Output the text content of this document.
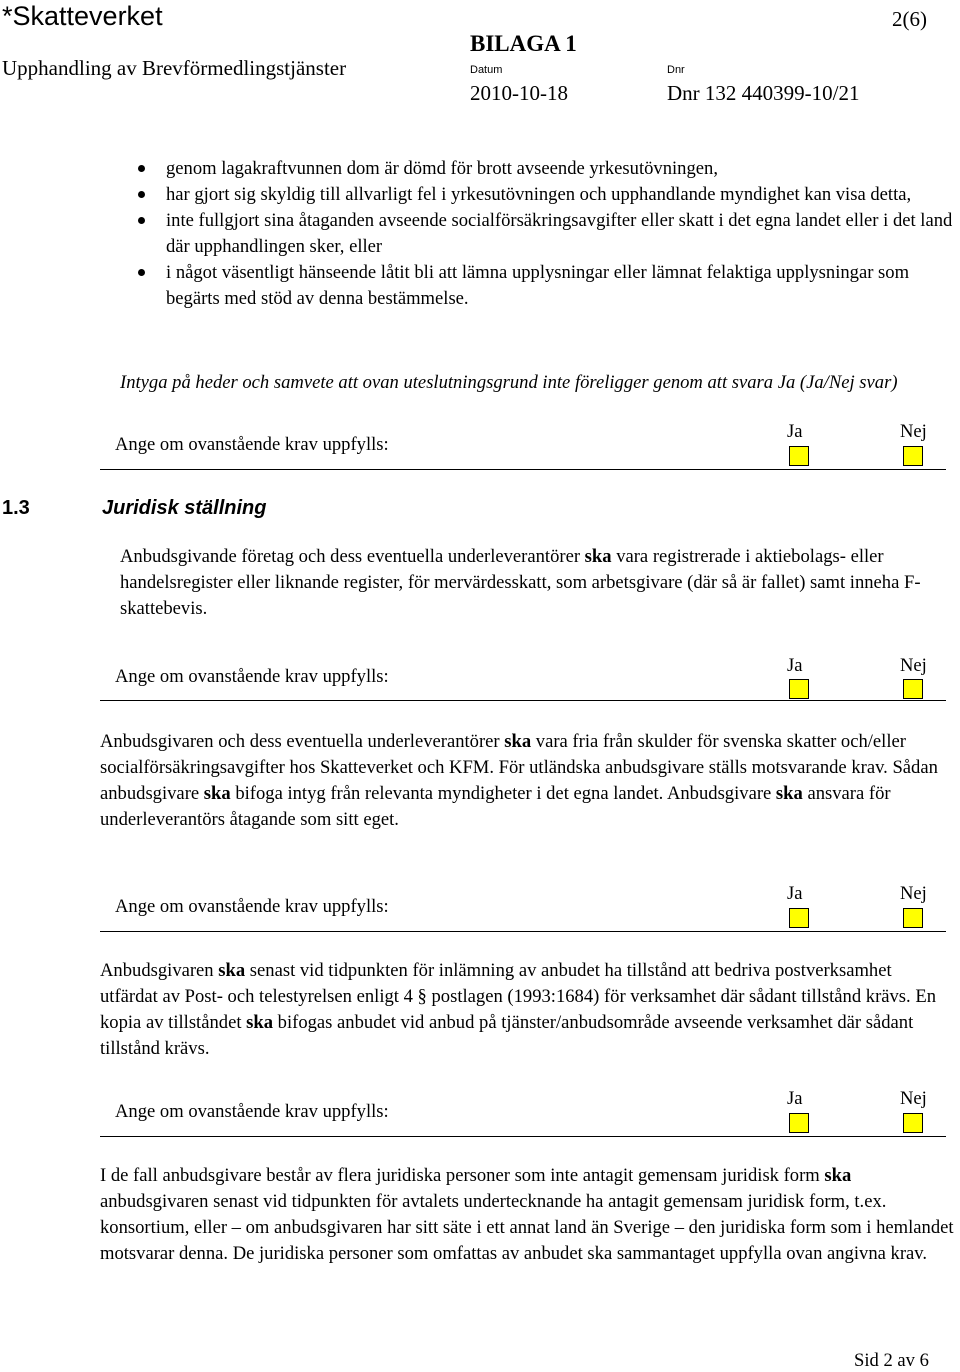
*Skatteverket	2(6)
Upphandling av Brevförmedlingstjänster
BILAGA 1
Datum	Dnr
2010-10-18	Dnr 132 440399-10/21
genom lagakraftvunnen dom är dömd för brott avseende yrkesutövningen,
har gjort sig skyldig till allvarligt fel i yrkesutövningen och upphandlande myndighet kan visa detta,
inte fullgjort sina åtaganden avseende socialförsäkringsavgifter eller skatt i det egna landet eller i det land där upphandlingen sker, eller
i något väsentligt hänseende låtit bli att lämna upplysningar eller lämnat felaktiga upplysningar som begärts med stöd av denna bestämmelse.
Intyga på heder och samvete att ovan uteslutningsgrund inte föreligger genom att svara Ja (Ja/Nej svar)
Ange om ovanstående krav uppfylls:
Ja	Nej
1.3	Juridisk ställning
Anbudsgivande företag och dess eventuella underleverantörer ska vara registrerade i aktiebolags- eller handelsregister eller liknande register, för mervärdesskatt, som arbetsgivare (där så är fallet) samt inneha F-skattebevis.
Ange om ovanstående krav uppfylls:
Ja	Nej
Anbudsgivaren och dess eventuella underleverantörer ska vara fria från skulder för svenska skatter och/eller socialförsäkringsavgifter hos Skatteverket och KFM. För utländska anbudsgivare ställs motsvarande krav. Sådan anbudsgivare ska bifoga intyg från relevanta myndigheter i det egna landet. Anbudsgivare ska ansvara för underleverantörs åtagande som sitt eget.
Ange om ovanstående krav uppfylls:
Ja	Nej
Anbudsgivaren ska senast vid tidpunkten för inlämning av anbudet ha tillstånd att bedriva postverksamhet utfärdat av Post- och telestyrelsen enligt 4 § postlagen (1993:1684) för verksamhet där sådant tillstånd krävs. En kopia av tillståndet ska bifogas anbudet vid anbud på tjänster/anbudsområde avseende verksamhet där sådant tillstånd krävs.
Ange om ovanstående krav uppfylls:
Ja	Nej
I de fall anbudsgivare består av flera juridiska personer som inte antagit gemensam juridisk form ska anbudsgivaren senast vid tidpunkten för avtalets undertecknande ha antagit gemensam juridisk form, t.ex. konsortium, eller – om anbudsgivaren har sitt säte i ett annat land än Sverige – den juridiska form som i hemlandet motsvarar denna. De juridiska personer som omfattas av anbudet ska sammantaget uppfylla ovan angivna krav.
Sid 2 av 6
